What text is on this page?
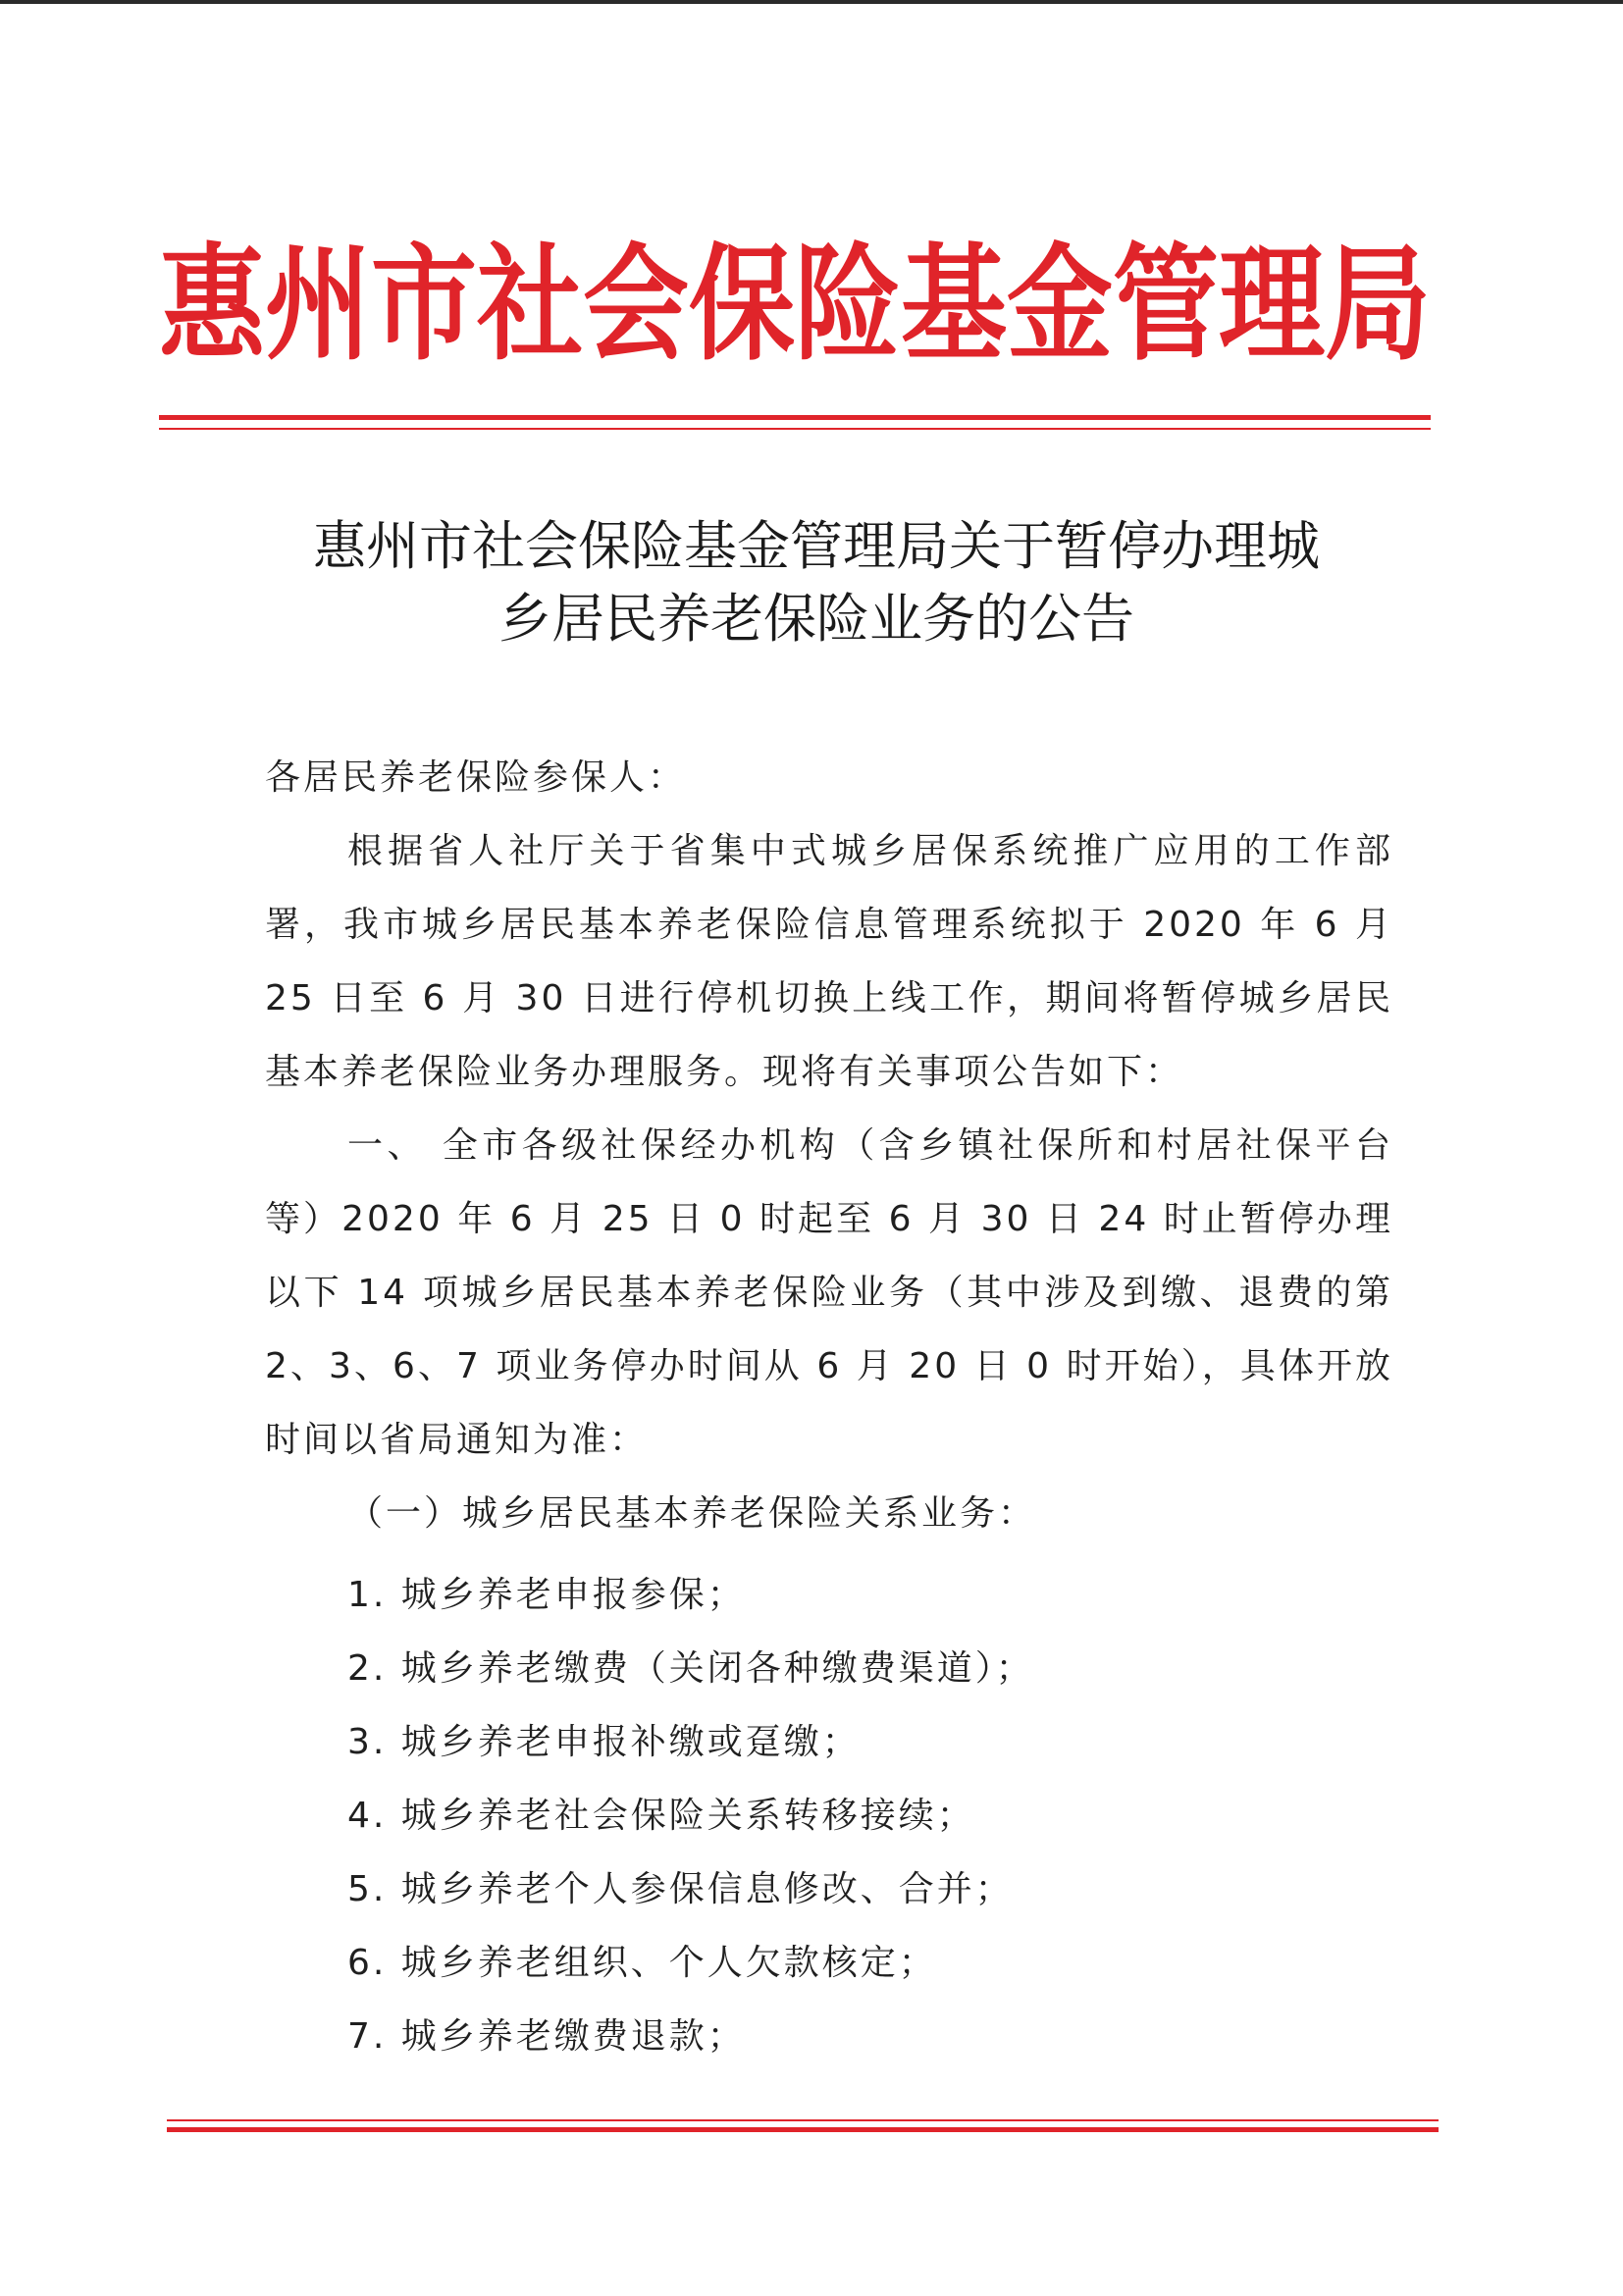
惠州市社会保险基金管理局
惠州市社会保险基金管理局关于暂停办理城
乡居民养老保险业务的公告

各居民养老保险参保人：

根据省人社厅关于省集中式城乡居保系统推广应用的工作部署，我市城乡居民基本养老保险信息管理系统拟于 2020 年 6 月 25 日至 6 月 30 日进行停机切换上线工作，期间将暂停城乡居民基本养老保险业务办理服务。现将有关事项公告如下：

一、 全市各级社保经办机构（含乡镇社保所和村居社保平台等）2020 年 6 月 25 日 0 时起至 6 月 30 日 24 时止暂停办理以下 14 项城乡居民基本养老保险业务（其中涉及到缴、退费的第 2、3、6、7 项业务停办时间从 6 月 20 日 0 时开始），具体开放时间以省局通知为准：

（一）城乡居民基本养老保险关系业务：

1. 城乡养老申报参保；

2. 城乡养老缴费（关闭各种缴费渠道）；

3. 城乡养老申报补缴或趸缴；

4. 城乡养老社会保险关系转移接续；

5. 城乡养老个人参保信息修改、合并；

6. 城乡养老组织、个人欠款核定；

7. 城乡养老缴费退款；
